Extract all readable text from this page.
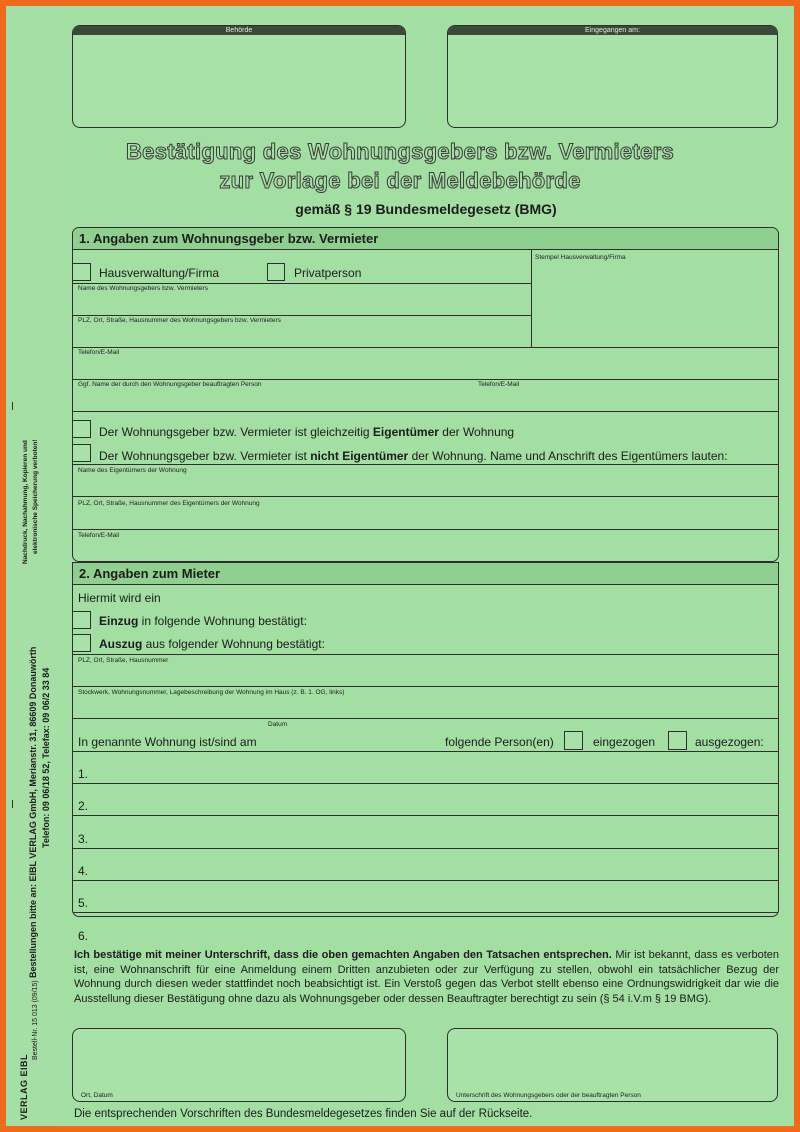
Behörde	Eingegangen am:
Bestätigung des Wohnungsgebers bzw. Vermieters
zur Vorlage bei der Meldebehörde
gemäß § 19 Bundesmeldegesetz (BMG)
1. Angaben zum Wohnungsgeber bzw. Vermieter
Stempel Hausverwaltung/Firma
Hausverwaltung/Firma	Privatperson
Name des Wohnungsgebers bzw. Vermieters
PLZ, Ort, Straße, Hausnummer des Wohnungsgebers bzw. Vermieters
Telefon/E-Mail
Ggf. Name der durch den Wohnungsgeber beauftragten Person	Telefon/E-Mail
Der Wohnungsgeber bzw. Vermieter ist gleichzeitig Eigentümer der Wohnung
Der Wohnungsgeber bzw. Vermieter ist nicht Eigentümer der Wohnung. Name und Anschrift des Eigentümers lauten:
Name des Eigentümers der Wohnung
PLZ, Ort, Straße, Hausnummer des Eigentümers der Wohnung
Telefon/E-Mail
2. Angaben zum Mieter
Hiermit wird ein
Einzug in folgende Wohnung bestätigt:
Auszug aus folgender Wohnung bestätigt:
PLZ, Ort, Straße, Hausnummer
Stockwerk, Wohnungsnummer, Lagebeschreibung der Wohnung im Haus (z. B. 1. OG, links)
Datum
In genannte Wohnung ist/sind am	folgende Person(en)	eingezogen	ausgezogen:
1.
2.
3.
4.
5.
6.
Ich bestätige mit meiner Unterschrift, dass die oben gemachten Angaben den Tatsachen entsprechen. Mir ist bekannt, dass es verboten ist, eine Wohnanschrift für eine Anmeldung einem Dritten anzubieten oder zur Verfügung zu stellen, obwohl ein tatsächlicher Bezug der Wohnung durch diesen weder stattfindet noch beabsichtigt ist. Ein Verstoß gegen das Verbot stellt ebenso eine Ordnungswidrigkeit dar wie die Ausstellung dieser Bestätigung ohne dazu als Wohnungsgeber oder dessen Beauftragter berechtigt zu sein (§ 54 i.V.m § 19 BMG).
Ort, Datum	Unterschrift des Wohnungsgebers oder der beauftragten Person
Die entsprechenden Vorschriften des Bundesmeldegesetzes finden Sie auf der Rückseite.
Nachdruck, Nachahmung, Kopieren und elektronische Speicherung verboten!
Bestellungen bitte an: EIBL VERLAG GmbH, Merianstr. 31, 86609 Donauwörth Telefon: 09 06/18 52, Telefax: 09 06/2 33 84
Bestell-Nr. 15 013 (09/15)
VERLAG EIBL
